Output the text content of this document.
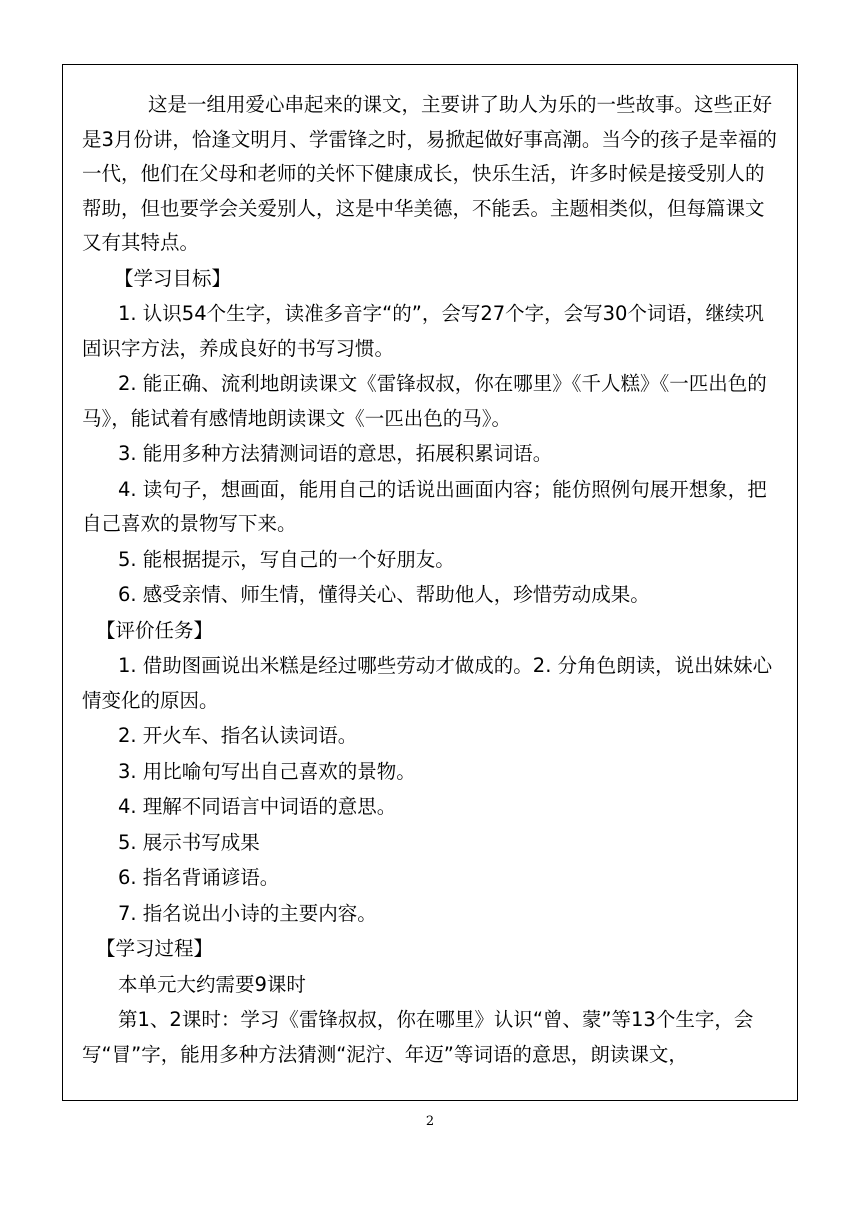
这是一组用爱心串起来的课文，主要讲了助人为乐的一些故事。这些正好是3月份讲，恰逢文明月、学雷锋之时，易掀起做好事高潮。当今的孩子是幸福的一代，他们在父母和老师的关怀下健康成长，快乐生活，许多时候是接受别人的帮助，但也要学会关爱别人，这是中华美德，不能丢。主题相类似，但每篇课文又有其特点。

【学习目标】

1. 认识54个生字，读准多音字“的”，会写27个字，会写30个词语，继续巩固识字方法，养成良好的书写习惯。

2. 能正确、流利地朗读课文《雷锋叔叔，你在哪里》《千人糕》《一匹出色的马》，能试着有感情地朗读课文《一匹出色的马》。

3. 能用多种方法猜测词语的意思，拓展积累词语。

4. 读句子，想画面，能用自己的话说出画面内容；能仿照例句展开想象，把自己喜欢的景物写下来。

5. 能根据提示，写自己的一个好朋友。

6. 感受亲情、师生情，懂得关心、帮助他人，珍惜劳动成果。

【评价任务】

1. 借助图画说出米糕是经过哪些劳动才做成的。2. 分角色朗读，说出妹妹心情变化的原因。

2. 开火车、指名认读词语。

3. 用比喻句写出自己喜欢的景物。

4. 理解不同语言中词语的意思。

5. 展示书写成果

6. 指名背诵谚语。

7. 指名说出小诗的主要内容。

【学习过程】

本单元大约需要9课时

第1、2课时：学习《雷锋叔叔，你在哪里》认识“曾、蒙”等13个生字，会写“冒”字，能用多种方法猜测“泥泞、年迈”等词语的意思，朗读课文，

2
